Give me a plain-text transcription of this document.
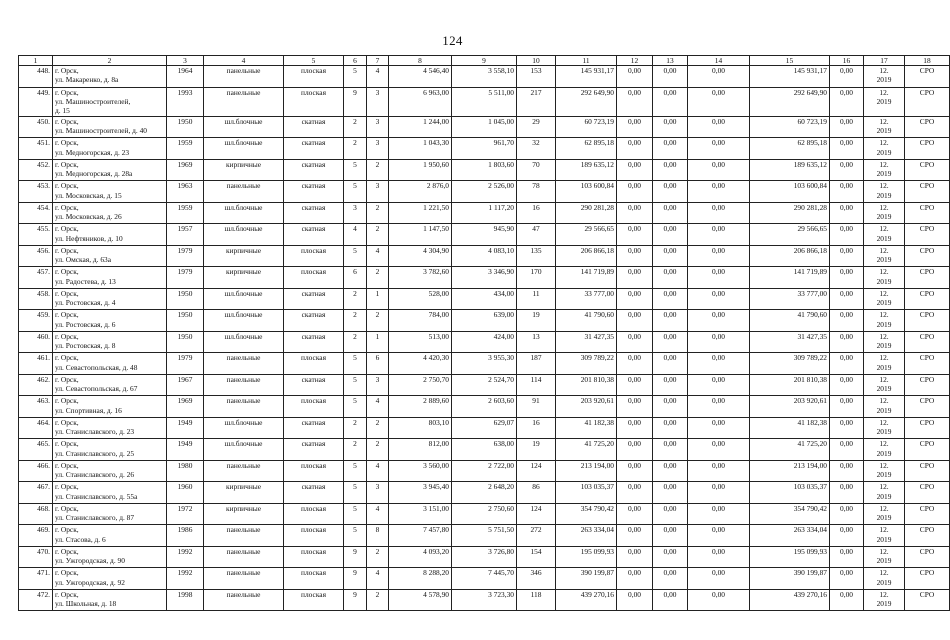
124
1	2	3	4	5	6	7	8	9	10	11	12	13	14	15	16	17	18
448.	г. Орск,
ул. Макаренко, д. 8а	1964	панельные	плоская	5	4	4 546,40	3 558,10	153	145 931,17	0,00	0,00	0,00	145 931,17	0,00	12.
2019	СРО
449.	г. Орск,
ул. Машиностроителей,
д. 15	1993	панельные	плоская	9	3	6 963,00	5 511,00	217	292 649,90	0,00	0,00	0,00	292 649,90	0,00	12.
2019	СРО
450.	г. Орск,
ул. Машиностроителей, д. 40	1950	шл.блочные	скатная	2	3	1 244,00	1 045,00	29	60 723,19	0,00	0,00	0,00	60 723,19	0,00	12.
2019	СРО
451.	г. Орск,
ул. Медногорская, д. 23	1959	шл.блочные	скатная	2	3	1 043,30	961,70	32	62 895,18	0,00	0,00	0,00	62 895,18	0,00	12.
2019	СРО
452.	г. Орск,
ул. Медногорская, д. 28а	1969	кирпичные	скатная	5	2	1 950,60	1 803,60	70	189 635,12	0,00	0,00	0,00	189 635,12	0,00	12.
2019	СРО
453.	г. Орск,
ул. Московская, д. 15	1963	панельные	скатная	5	3	2 876,0	2 526,00	78	103 600,84	0,00	0,00	0,00	103 600,84	0,00	12.
2019	СРО
454.	г. Орск,
ул. Московская, д. 26	1959	шл.блочные	скатная	3	2	1 221,50	1 117,20	16	290 281,28	0,00	0,00	0,00	290 281,28	0,00	12.
2019	СРО
455.	г. Орск,
ул. Нефтяников, д. 10	1957	шл.блочные	скатная	4	2	1 147,50	945,90	47	29 566,65	0,00	0,00	0,00	29 566,65	0,00	12.
2019	СРО
456.	г. Орск,
ул. Омская, д. 63а	1979	кирпичные	плоская	5	4	4 304,90	4 083,10	135	206 866,18	0,00	0,00	0,00	206 866,18	0,00	12.
2019	СРО
457.	г. Орск,
ул. Радостева, д. 13	1979	кирпичные	плоская	6	2	3 782,60	3 346,90	170	141 719,89	0,00	0,00	0,00	141 719,89	0,00	12.
2019	СРО
458.	г. Орск,
ул. Ростовская, д. 4	1950	шл.блочные	скатная	2	1	528,00	434,00	11	33 777,00	0,00	0,00	0,00	33 777,00	0,00	12.
2019	СРО
459.	г. Орск,
ул. Ростовская, д. 6	1950	шл.блочные	скатная	2	2	784,00	639,00	19	41 790,60	0,00	0,00	0,00	41 790,60	0,00	12.
2019	СРО
460.	г. Орск,
ул. Ростовская, д. 8	1950	шл.блочные	скатная	2	1	513,00	424,00	13	31 427,35	0,00	0,00	0,00	31 427,35	0,00	12.
2019	СРО
461.	г. Орск,
ул. Севастопольская, д. 48	1979	панельные	плоская	5	6	4 420,30	3 955,30	187	309 789,22	0,00	0,00	0,00	309 789,22	0,00	12.
2019	СРО
462.	г. Орск,
ул. Севастопольская, д. 67	1967	панельные	скатная	5	3	2 750,70	2 524,70	114	201 810,38	0,00	0,00	0,00	201 810,38	0,00	12.
2019	СРО
463.	г. Орск,
ул. Спортивная, д. 16	1969	панельные	плоская	5	4	2 889,60	2 603,60	91	203 920,61	0,00	0,00	0,00	203 920,61	0,00	12.
2019	СРО
464.	г. Орск,
ул. Станиславского, д. 23	1949	шл.блочные	скатная	2	2	803,10	629,07	16	41 182,38	0,00	0,00	0,00	41 182,38	0,00	12.
2019	СРО
465.	г. Орск,
ул. Станиславского, д. 25	1949	шл.блочные	скатная	2	2	812,00	638,00	19	41 725,20	0,00	0,00	0,00	41 725,20	0,00	12.
2019	СРО
466.	г. Орск,
ул. Станиславского, д. 26	1980	панельные	плоская	5	4	3 560,00	2 722,00	124	213 194,00	0,00	0,00	0,00	213 194,00	0,00	12.
2019	СРО
467.	г. Орск,
ул. Станиславского, д. 55а	1960	кирпичные	скатная	5	3	3 945,40	2 648,20	86	103 035,37	0,00	0,00	0,00	103 035,37	0,00	12.
2019	СРО
468.	г. Орск,
ул. Станиславского, д. 87	1972	кирпичные	плоская	5	4	3 151,00	2 750,60	124	354 790,42	0,00	0,00	0,00	354 790,42	0,00	12.
2019	СРО
469.	г. Орск,
ул. Стасова, д. 6	1986	панельные	плоская	5	8	7 457,80	5 751,50	272	263 334,04	0,00	0,00	0,00	263 334,04	0,00	12.
2019	СРО
470.	г. Орск,
ул. Ужгородская, д. 90	1992	панельные	плоская	9	2	4 093,20	3 726,80	154	195 099,93	0,00	0,00	0,00	195 099,93	0,00	12.
2019	СРО
471.	г. Орск,
ул. Ужгородская, д. 92	1992	панельные	плоская	9	4	8 288,20	7 445,70	346	390 199,87	0,00	0,00	0,00	390 199,87	0,00	12.
2019	СРО
472.	г. Орск,
ул. Школьная, д. 18	1998	панельные	плоская	9	2	4 578,90	3 723,30	118	439 270,16	0,00	0,00	0,00	439 270,16	0,00	12.
2019	СРО
